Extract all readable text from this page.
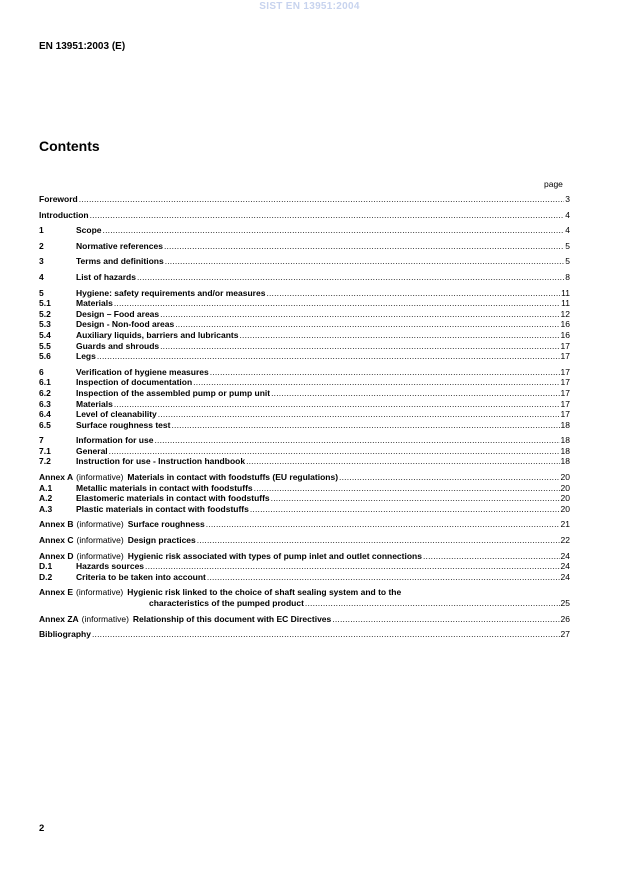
SIST EN 13951:2004
EN 13951:2003 (E)
Contents
page
Foreword .....	3
Introduction .....	4
1	Scope .....	4
2	Normative references .....	5
3	Terms and definitions .....	5
4	List of hazards .....	8
5	Hygiene: safety requirements and/or measures .....	11
5.1	Materials .....	11
5.2	Design – Food areas .....	12
5.3	Design - Non-food areas .....	16
5.4	Auxiliary liquids, barriers and lubricants .....	16
5.5	Guards and shrouds .....	17
5.6	Legs .....	17
6	Verification of hygiene measures .....	17
6.1	Inspection of documentation .....	17
6.2	Inspection of the assembled pump or pump unit .....	17
6.3	Materials .....	17
6.4	Level of cleanability .....	17
6.5	Surface roughness test .....	18
7	Information for use .....	18
7.1	General .....	18
7.2	Instruction for use - Instruction handbook .....	18
Annex A (informative) Materials in contact with foodstuffs (EU regulations) .....	20
A.1	Metallic materials in contact with foodstuffs .....	20
A.2	Elastomeric materials in contact with foodstuffs .....	20
A.3	Plastic materials in contact with foodstuffs .....	20
Annex B (informative) Surface roughness .....	21
Annex C (informative) Design practices .....	22
Annex D (informative) Hygienic risk associated with types of pump inlet and outlet connections .....	24
D.1	Hazards sources .....	24
D.2	Criteria to be taken into account .....	24
Annex E (informative) Hygienic risk linked to the choice of shaft sealing system and to the
characteristics of the pumped product .....	25
Annex ZA (informative) Relationship of this document with EC Directives .....	26
Bibliography .....	27
2
